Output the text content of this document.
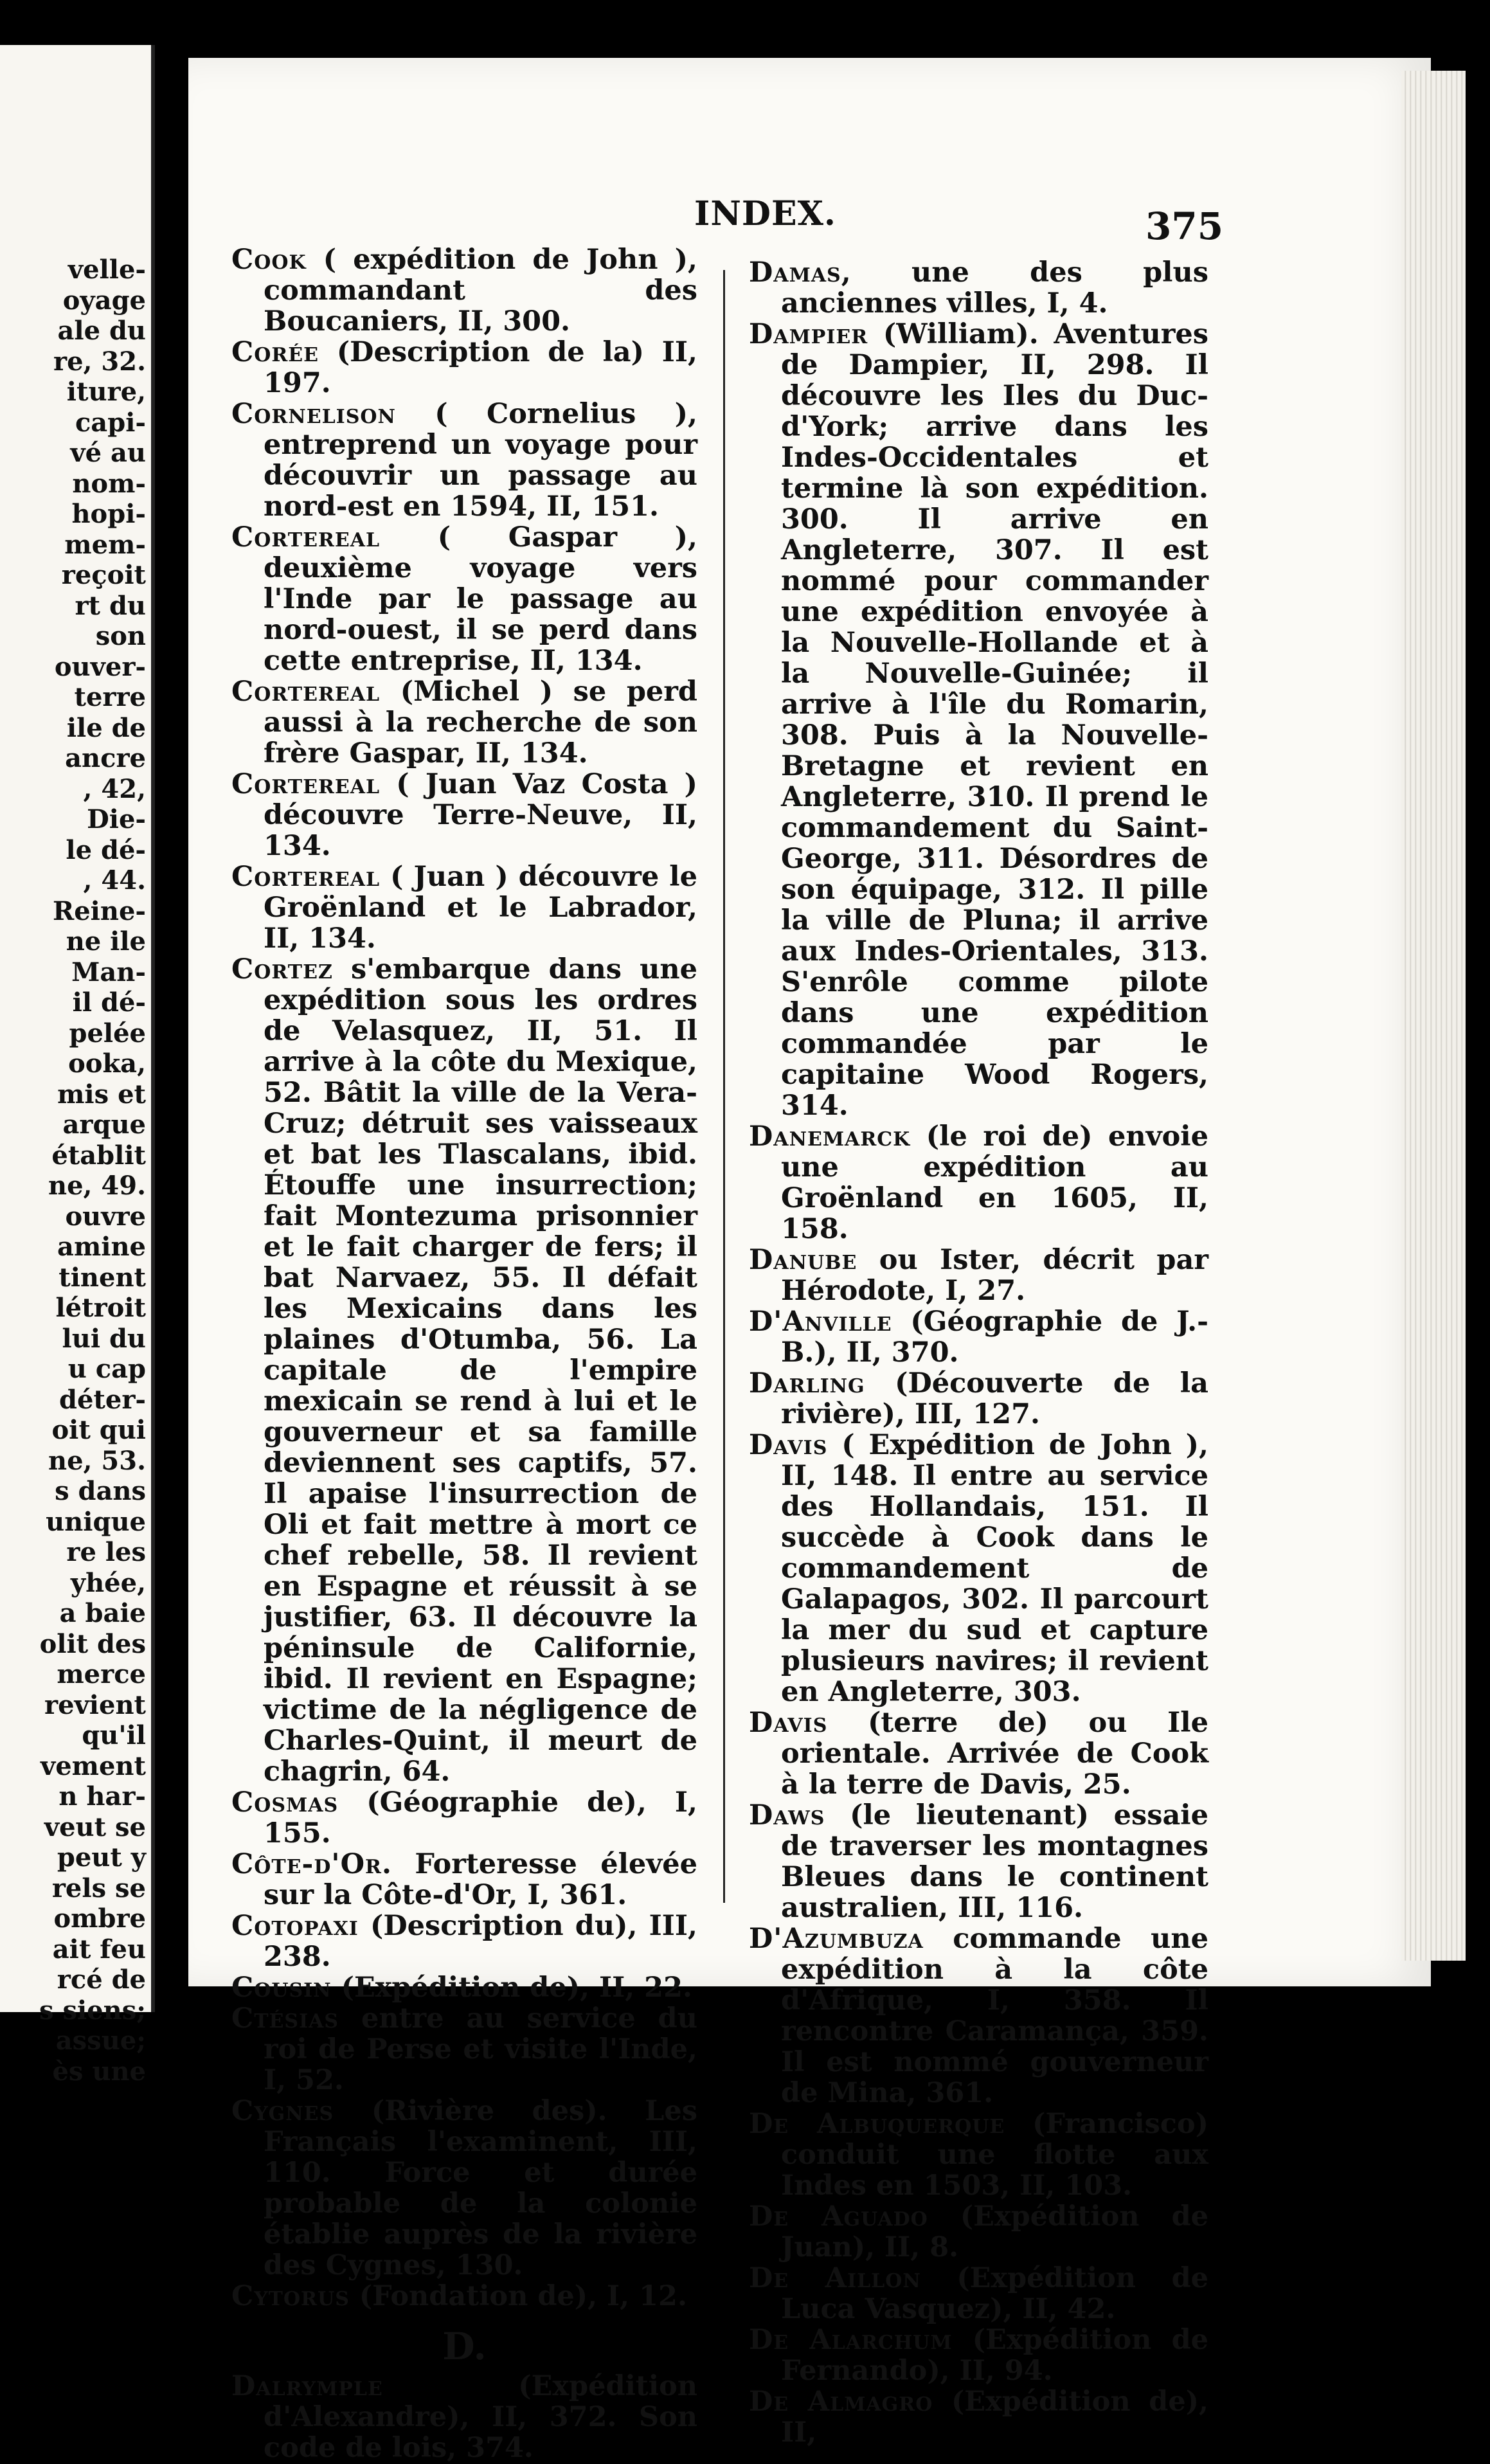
velle-
oyage
ale du
re, 32.
iture,
capi-
vé au
nom-
hopi-
mem-
reçoit
rt du
son
ouver-
terre
ile de
ancre
, 42,
Die-
le dé-
, 44.
Reine-
ne ile
Man-
il dé-
pelée
ooka,
mis et
arque
établit
ne, 49.
ouvre
amine
tinent
létroit
lui du
u cap
déter-
oit qui
ne, 53.
s dans
unique
re les
yhée,
a baie
olit des
merce
revient
qu'il
vement
n har-
veut se
peut y
rels se
ombre
ait feu
rcé de
s siens;
assue;
ès une
INDEX.	375

Cook ( expédition de John ), commandant des Boucaniers, II, 300.

Corée (Description de la) II, 197.

Cornelison ( Cornelius ), entreprend un voyage pour découvrir un passage au nord-est en 1594, II, 151.

Cortereal ( Gaspar ), deuxième voyage vers l'Inde par le passage au nord-ouest, il se perd dans cette entreprise, II, 134.

Cortereal (Michel ) se perd aussi à la recherche de son frère Gaspar, II, 134.

Cortereal ( Juan Vaz Costa ) découvre Terre-Neuve, II, 134.

Cortereal ( Juan ) découvre le Groënland et le Labrador, II, 134.

Cortez s'embarque dans une expédition sous les ordres de Velasquez, II, 51. Il arrive à la côte du Mexique, 52. Bâtit la ville de la Vera-Cruz; détruit ses vaisseaux et bat les Tlascalans, ibid. Étouffe une insurrection; fait Montezuma prisonnier et le fait charger de fers; il bat Narvaez, 55. Il défait les Mexicains dans les plaines d'Otumba, 56. La capitale de l'empire mexicain se rend à lui et le gouverneur et sa famille deviennent ses captifs, 57. Il apaise l'insurrection de Oli et fait mettre à mort ce chef rebelle, 58. Il revient en Espagne et réussit à se justifier, 63. Il découvre la péninsule de Californie, ibid. Il revient en Espagne; victime de la négligence de Charles-Quint, il meurt de chagrin, 64.

Cosmas (Géographie de), I, 155.

Côte-d'Or. Forteresse élevée sur la Côte-d'Or, I, 361.

Cotopaxi (Description du), III, 238.

Cousin (Expédition de), II, 22.

Ctésias entre au service du roi de Perse et visite l'Inde, I, 52.

Cygnes (Rivière des). Les Français l'examinent, III, 110. Force et durée probable de la colonie établie auprès de la rivière des Cygnes, 130.

Cytorus (Fondation de), I, 12.

D.

Dalrymple (Expédition d'Alexandre), II, 372. Son code de lois, 374.

Damas, une des plus anciennes villes, I, 4.

Dampier (William). Aventures de Dampier, II, 298. Il découvre les Iles du Duc-d'York; arrive dans les Indes-Occidentales et termine là son expédition. 300. Il arrive en Angleterre, 307. Il est nommé pour commander une expédition envoyée à la Nouvelle-Hollande et à la Nouvelle-Guinée; il arrive à l'île du Romarin, 308. Puis à la Nouvelle-Bretagne et revient en Angleterre, 310. Il prend le commandement du Saint-George, 311. Désordres de son équipage, 312. Il pille la ville de Pluna; il arrive aux Indes-Orientales, 313. S'enrôle comme pilote dans une expédition commandée par le capitaine Wood Rogers, 314.

Danemarck (le roi de) envoie une expédition au Groënland en 1605, II, 158.

Danube ou Ister, décrit par Hérodote, I, 27.

D'Anville (Géographie de J.-B.), II, 370.

Darling (Découverte de la rivière), III, 127.

Davis ( Expédition de John ), II, 148. Il entre au service des Hollandais, 151. Il succède à Cook dans le commandement de Galapagos, 302. Il parcourt la mer du sud et capture plusieurs navires; il revient en Angleterre, 303.

Davis (terre de) ou Ile orientale. Arrivée de Cook à la terre de Davis, 25.

Daws (le lieutenant) essaie de traverser les montagnes Bleues dans le continent australien, III, 116.

D'Azumbuza commande une expédition à la côte d'Afrique, I, 358. Il rencontre Caramança, 359. Il est nommé gouverneur de Mina, 361.

De Albuquerque (Francisco) conduit une flotte aux Indes en 1503, II, 103.

De Aguado (Expédition de Juan), II, 8.

De Aillon (Expédition de Luca Vasquez), II, 42.

De Alarchum (Expédition de Fernando), II, 94.

De Almagro (Expédition de), II,
